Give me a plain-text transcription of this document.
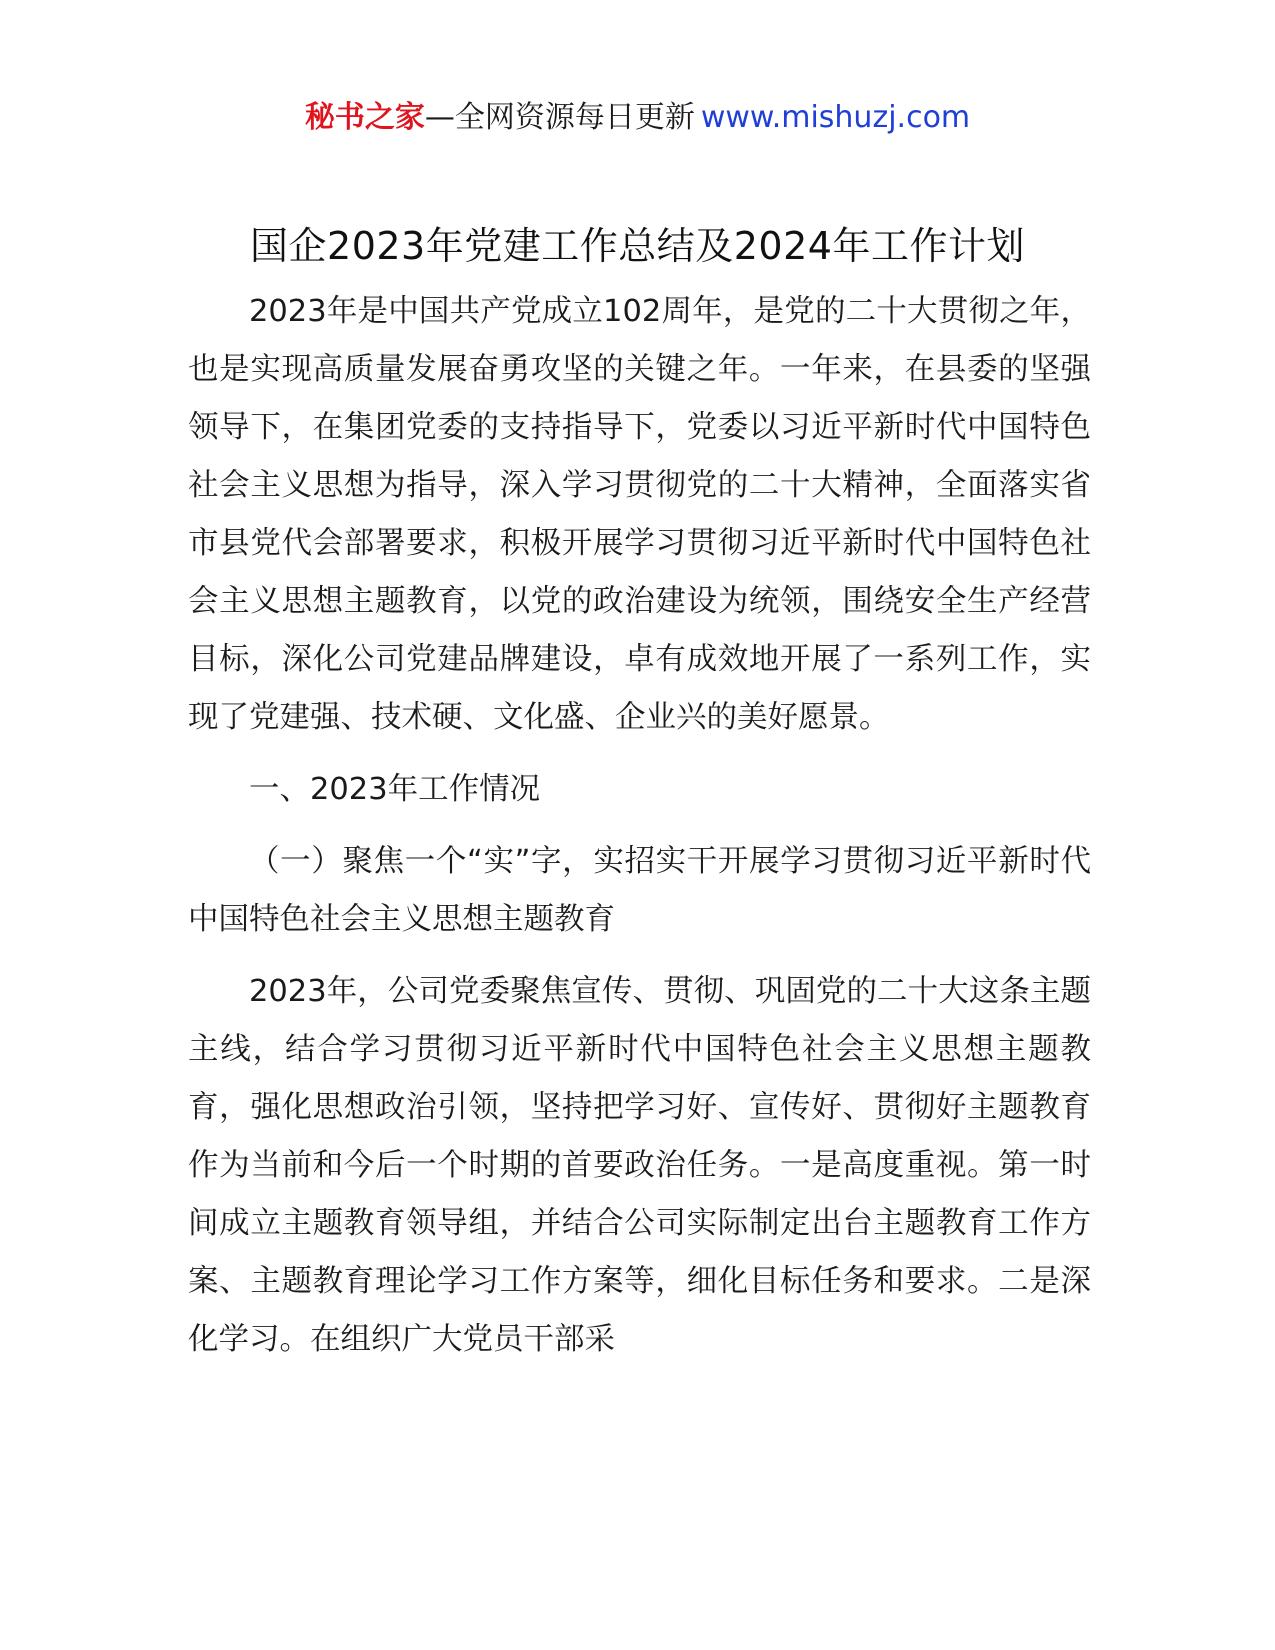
秘书之家—全网资源每日更新 www.mishuzj.com
国企2023年党建工作总结及2024年工作计划

2023年是中国共产党成立102周年，是党的二十大贯彻之年，也是实现高质量发展奋勇攻坚的关键之年。一年来，在县委的坚强领导下，在集团党委的支持指导下，党委以习近平新时代中国特色社会主义思想为指导，深入学习贯彻党的二十大精神，全面落实省市县党代会部署要求，积极开展学习贯彻习近平新时代中国特色社会主义思想主题教育，以党的政治建设为统领，围绕安全生产经营目标，深化公司党建品牌建设，卓有成效地开展了一系列工作，实现了党建强、技术硬、文化盛、企业兴的美好愿景。

一、2023年工作情况

（一）聚焦一个“实”字，实招实干开展学习贯彻习近平新时代中国特色社会主义思想主题教育

2023年，公司党委聚焦宣传、贯彻、巩固党的二十大这条主题主线，结合学习贯彻习近平新时代中国特色社会主义思想主题教育，强化思想政治引领，坚持把学习好、宣传好、贯彻好主题教育作为当前和今后一个时期的首要政治任务。一是高度重视。第一时间成立主题教育领导组，并结合公司实际制定出台主题教育工作方案、主题教育理论学习工作方案等，细化目标任务和要求。二是深化学习。在组织广大党员干部采
